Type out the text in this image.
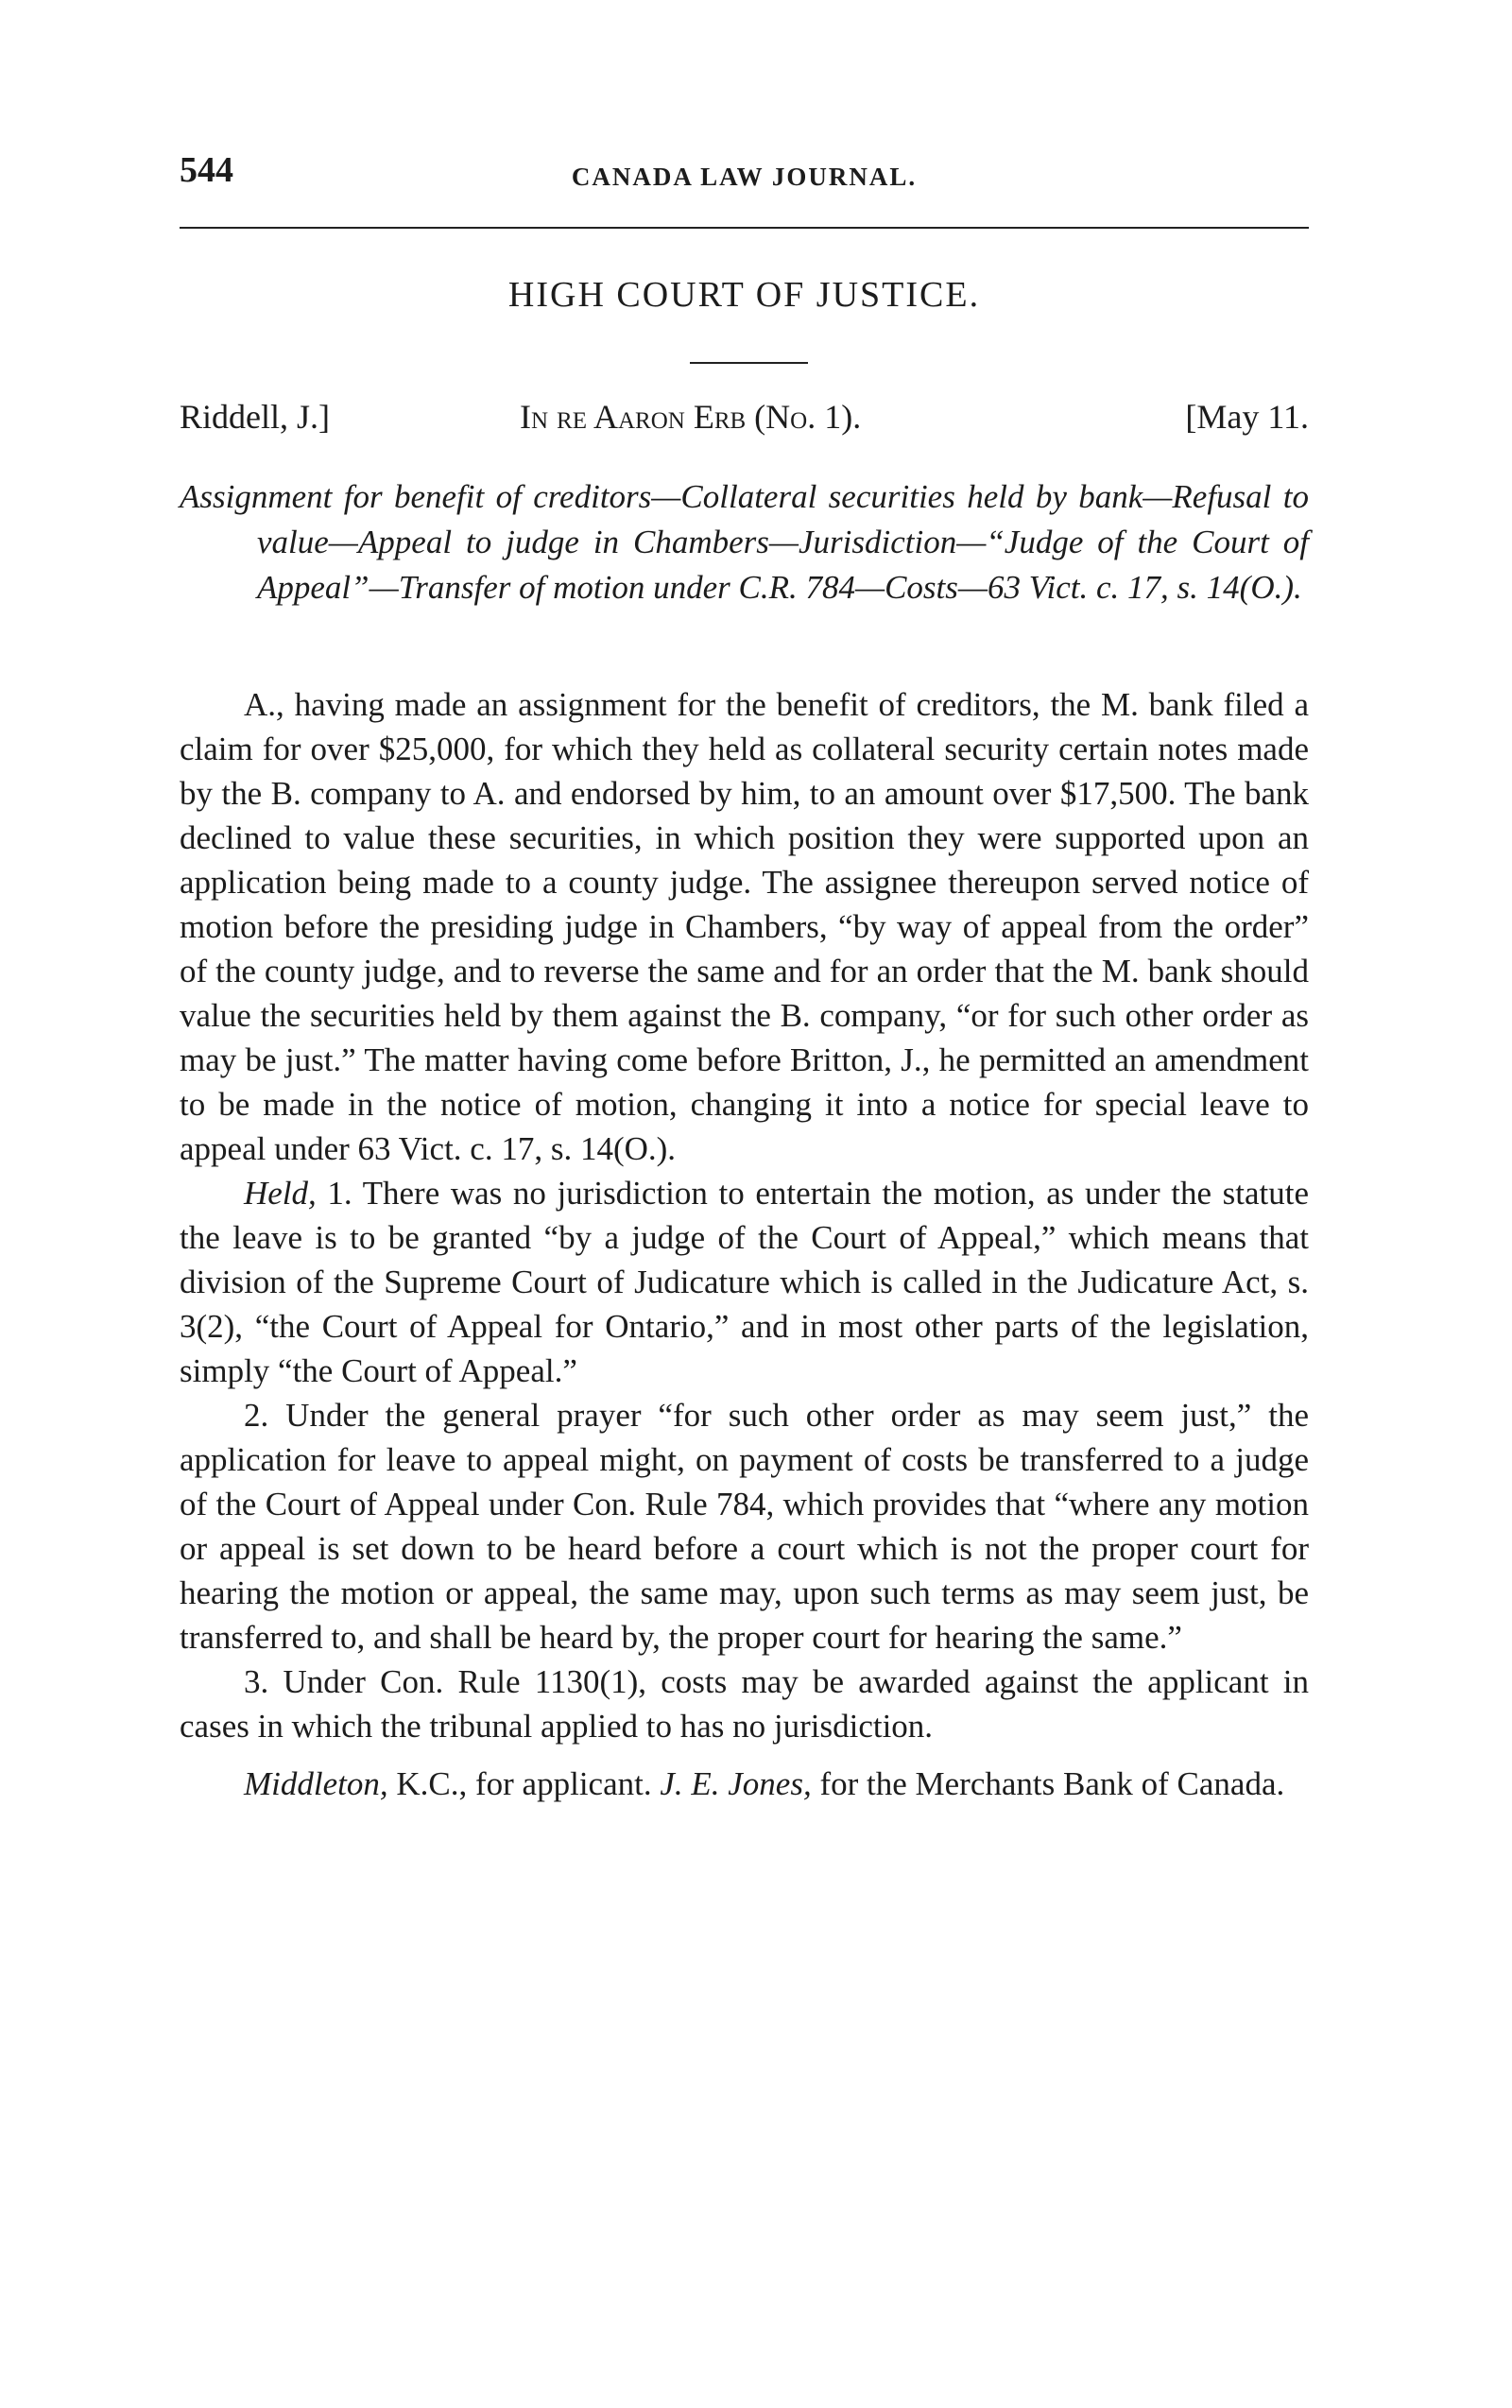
544	CANADA LAW JOURNAL.
HIGH COURT OF JUSTICE.
Riddell, J.]	In re Aaron Erb (No. 1).	[May 11.
Assignment for benefit of creditors—Collateral securities held by bank—Refusal to value—Appeal to judge in Chambers—Jurisdiction—“Judge of the Court of Appeal”—Transfer of motion under C.R. 784—Costs—63 Vict. c. 17, s. 14(O.).

A., having made an assignment for the benefit of creditors, the M. bank filed a claim for over $25,000, for which they held as collateral security certain notes made by the B. company to A. and endorsed by him, to an amount over $17,500. The bank declined to value these securities, in which position they were supported upon an application being made to a county judge. The assignee thereupon served notice of motion before the presiding judge in Chambers, “by way of appeal from the order” of the county judge, and to reverse the same and for an order that the M. bank should value the securities held by them against the B. company, “or for such other order as may be just.” The matter having come before Britton, J., he permitted an amendment to be made in the notice of motion, changing it into a notice for special leave to appeal under 63 Vict. c. 17, s. 14(O.).

Held, 1. There was no jurisdiction to entertain the motion, as under the statute the leave is to be granted “by a judge of the Court of Appeal,” which means that division of the Supreme Court of Judicature which is called in the Judicature Act, s. 3(2), “the Court of Appeal for Ontario,” and in most other parts of the legislation, simply “the Court of Appeal.”

2. Under the general prayer “for such other order as may seem just,” the application for leave to appeal might, on payment of costs be transferred to a judge of the Court of Appeal under Con. Rule 784, which provides that “where any motion or appeal is set down to be heard before a court which is not the proper court for hearing the motion or appeal, the same may, upon such terms as may seem just, be transferred to, and shall be heard by, the proper court for hearing the same.”

3. Under Con. Rule 1130(1), costs may be awarded against the applicant in cases in which the tribunal applied to has no jurisdiction.

Middleton, K.C., for applicant. J. E. Jones, for the Merchants Bank of Canada.
